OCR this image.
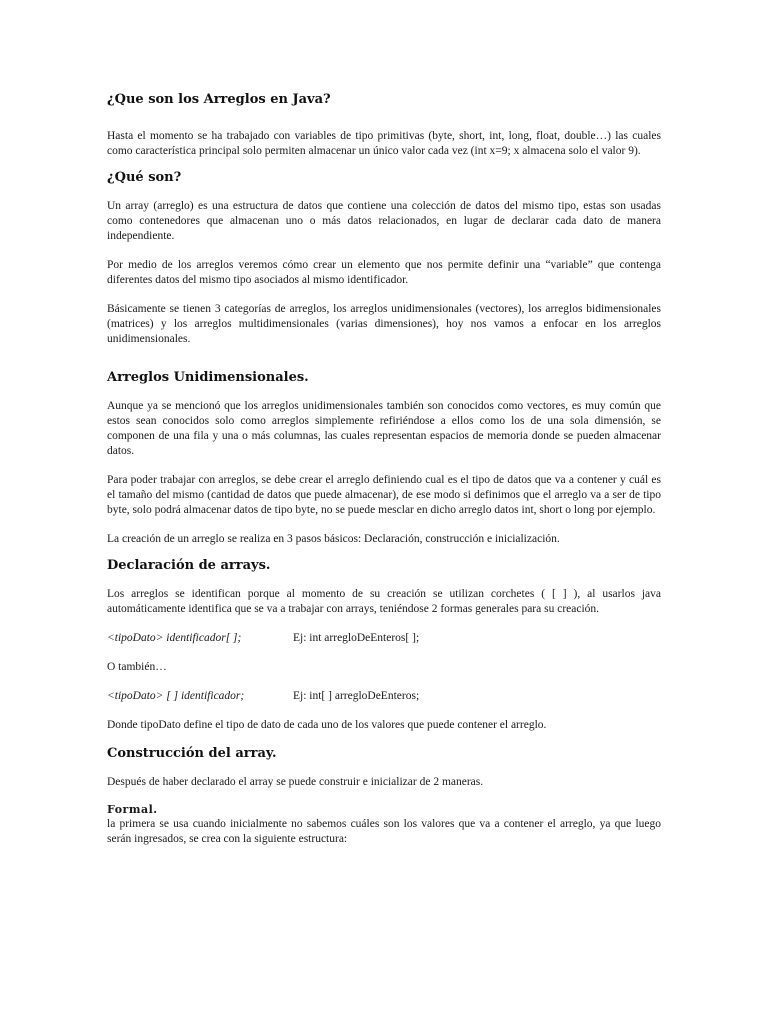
¿Que son los Arreglos en Java?

Hasta el momento se ha trabajado con variables de tipo primitivas (byte, short, int, long, float, double…) las cuales como característica principal solo permiten almacenar un único valor cada vez (int x=9; x almacena solo el valor 9).

¿Qué son?

Un array (arreglo) es una estructura de datos que contiene una colección de datos del mismo tipo, estas son usadas como contenedores que almacenan uno o más datos relacionados, en lugar de declarar cada dato de manera independiente.

Por medio de los arreglos veremos cómo crear un elemento que nos permite definir una “variable” que contenga diferentes datos del mismo tipo asociados al mismo identificador.

Básicamente se tienen 3 categorías de arreglos, los arreglos unidimensionales (vectores), los arreglos bidimensionales (matrices) y los arreglos multidimensionales (varias dimensiones), hoy nos vamos a enfocar en los arreglos unidimensionales.

Arreglos Unidimensionales.

Aunque ya se mencionó que los arreglos unidimensionales también son conocidos como vectores, es muy común que estos sean conocidos solo como arreglos simplemente refiriéndose a ellos como los de una sola dimensión, se componen de una fila y una o más columnas, las cuales representan espacios de memoria donde se pueden almacenar datos.

Para poder trabajar con arreglos, se debe crear el arreglo definiendo cual es el tipo de datos que va a contener y cuál es el tamaño del mismo (cantidad de datos que puede almacenar), de ese modo si definimos que el arreglo va a ser de tipo byte, solo podrá almacenar datos de tipo byte, no se puede mesclar en dicho arreglo datos int, short o long por ejemplo.

La creación de un arreglo se realiza en 3 pasos básicos: Declaración, construcción e inicialización.

Declaración de arrays.

Los arreglos se identifican porque al momento de su creación se utilizan corchetes ( [ ] ), al usarlos java automáticamente identifica que se va a trabajar con arrays, teniéndose 2 formas generales para su creación.

<tipoDato> identificador[ ];	Ej: int arregloDeEnteros[ ];

O también…

<tipoDato> [ ] identificador;	Ej: int[ ] arregloDeEnteros;

Donde tipoDato define el tipo de dato de cada uno de los valores que puede contener el arreglo.

Construcción del array.

Después de haber declarado el array se puede construir e inicializar de 2 maneras.

Formal.

la primera se usa cuando inicialmente no sabemos cuáles son los valores que va a contener el arreglo, ya que luego serán ingresados, se crea con la siguiente estructura:
